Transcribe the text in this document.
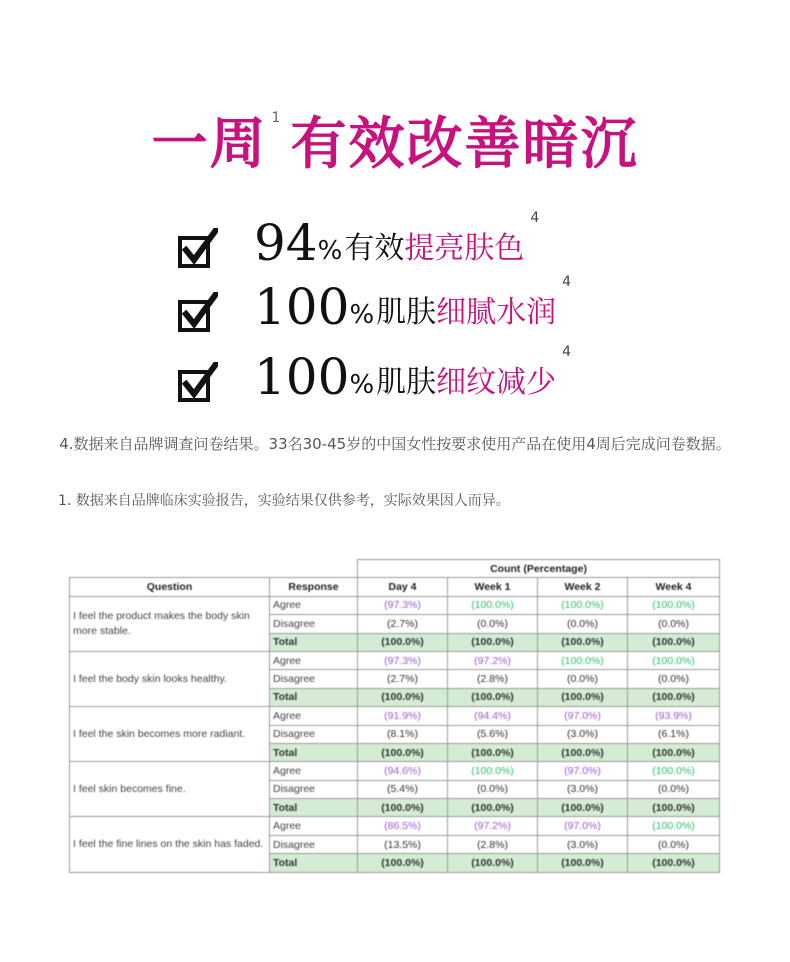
一周 $^1$ 有效改善暗沉
94 % 有效 提亮肤色
4
100 % 肌肤 细腻水润
4
100 % 肌肤 细纹减少
4
4.数据来自品牌调查问卷结果。33名30-45岁的中国女性按要求使用产品在使用4周后完成问卷数据。
1. 数据来自品牌临床实验报告，实验结果仅供参考，实际效果因人而异。
		Count (Percentage)			
Question	Response	Day 4	Week 1	Week 2	Week 4
I feel the product makes the body skin more stable.	Agree	(97.3%)	(100.0%)	(100.0%)	(100.0%)
	Disagree	(2.7%)	(0.0%)	(0.0%)	(0.0%)
	Total	(100.0%)	(100.0%)	(100.0%)	(100.0%)
I feel the body skin looks healthy.	Agree	(97.3%)	(97.2%)	(100.0%)	(100.0%)
	Disagree	(2.7%)	(2.8%)	(0.0%)	(0.0%)
	Total	(100.0%)	(100.0%)	(100.0%)	(100.0%)
I feel the skin becomes more radiant.	Agree	(91.9%)	(94.4%)	(97.0%)	(93.9%)
	Disagree	(8.1%)	(5.6%)	(3.0%)	(6.1%)
	Total	(100.0%)	(100.0%)	(100.0%)	(100.0%)
I feel skin becomes fine.	Agree	(94.6%)	(100.0%)	(97.0%)	(100.0%)
	Disagree	(5.4%)	(0.0%)	(3.0%)	(0.0%)
	Total	(100.0%)	(100.0%)	(100.0%)	(100.0%)
I feel the fine lines on the skin has faded.	Agree	(86.5%)	(97.2%)	(97.0%)	(100.0%)
	Disagree	(13.5%)	(2.8%)	(3.0%)	(0.0%)
	Total	(100.0%)	(100.0%)	(100.0%)	(100.0%)
